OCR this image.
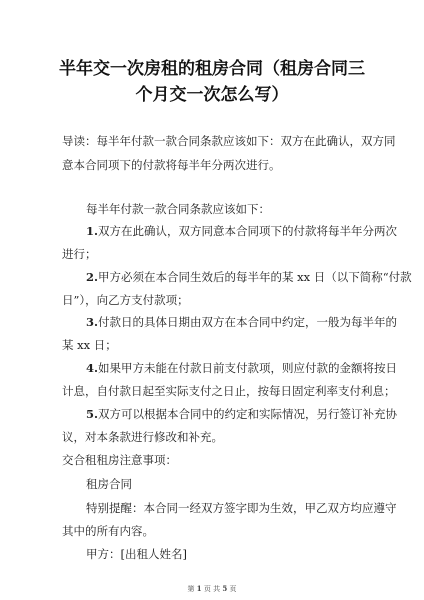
半年交一次房租的租房合同（租房合同三
个月交一次怎么写）
导读：每半年付款一款合同条款应该如下：双方在此确认，双方同
意本合同项下的付款将每半年分两次进行。
每半年付款一款合同条款应该如下：
1.双方在此确认，双方同意本合同项下的付款将每半年分两次
进行；
2.甲方必须在本合同生效后的每半年的某 xx 日（以下简称“付款
日”），向乙方支付款项；
3.付款日的具体日期由双方在本合同中约定，一般为每半年的
某 xx 日；
4.如果甲方未能在付款日前支付款项，则应付款的金额将按日
计息，自付款日起至实际支付之日止，按每日固定利率支付利息；
5.双方可以根据本合同中的约定和实际情况，另行签订补充协
议，对本条款进行修改和补充。
交合租租房注意事项：
租房合同
特别提醒：本合同一经双方签字即为生效，甲乙双方均应遵守
其中的所有内容。
甲方：[出租人姓名]
第 1 页 共 5 页
